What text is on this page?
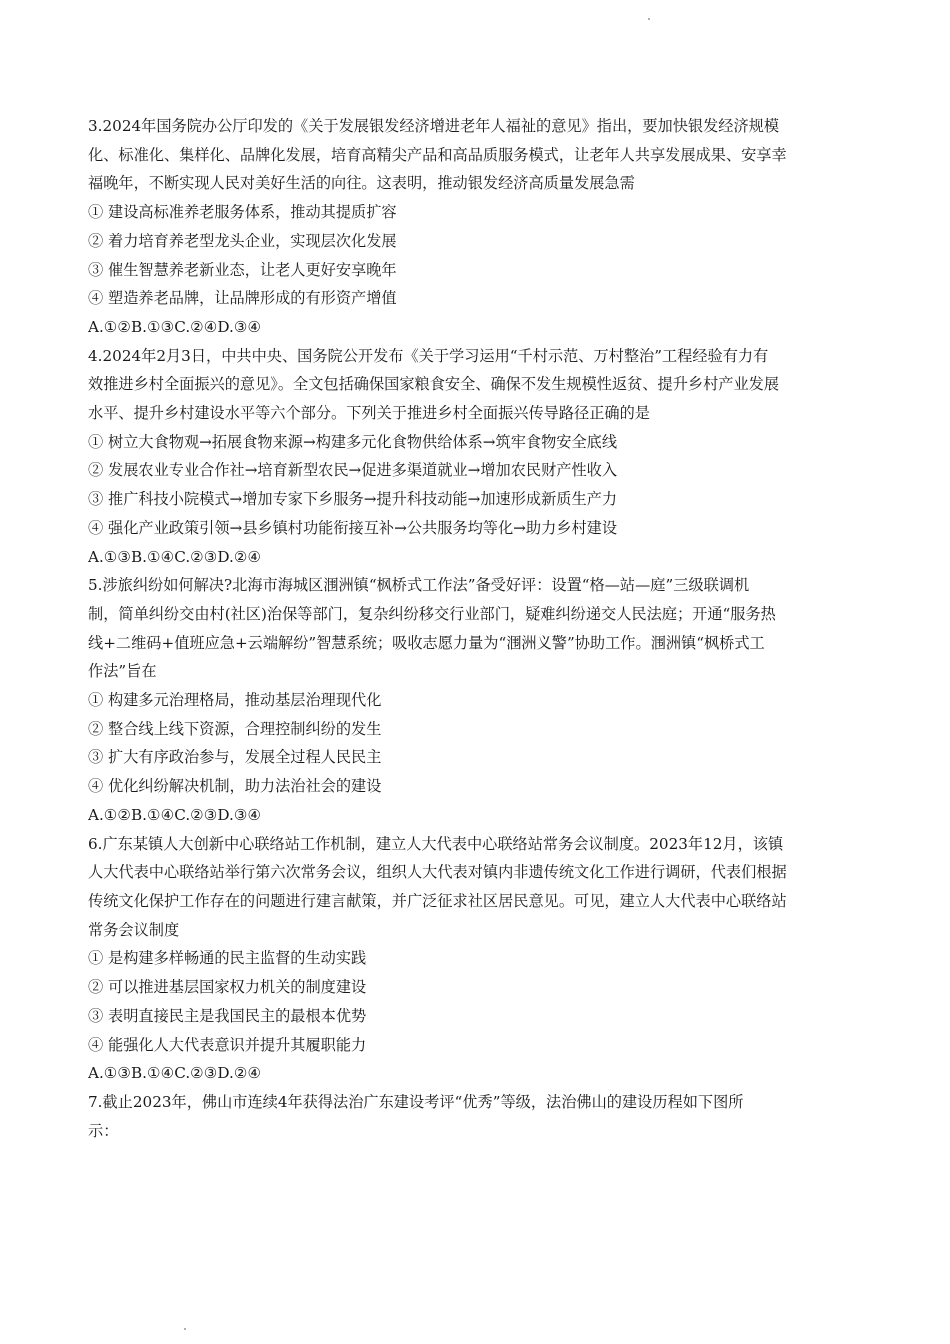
3.2024年国务院办公厅印发的《关于发展银发经济增进老年人福祉的意见》指出，要加快银发经济规模
化、标准化、集样化、品牌化发展，培育高精尖产品和高品质服务模式，让老年人共享发展成果、安享幸
福晚年，不断实现人民对美好生活的向往。这表明，推动银发经济高质量发展急需
① 建设高标准养老服务体系，推动其提质扩容
② 着力培育养老型龙头企业，实现层次化发展
③ 催生智慧养老新业态，让老人更好安享晚年
④ 塑造养老品牌，让品牌形成的有形资产增值
A.①②B.①③C.②④D.③④
4.2024年2月3日，中共中央、国务院公开发布《关于学习运用“千村示范、万村整治”工程经验有力有
效推进乡村全面振兴的意见》。全文包括确保国家粮食安全、确保不发生规模性返贫、提升乡村产业发展
水平、提升乡村建设水平等六个部分。下列关于推进乡村全面振兴传导路径正确的是
① 树立大食物观→拓展食物来源→构建多元化食物供给体系→筑牢食物安全底线
② 发展农业专业合作社→培育新型农民→促进多渠道就业→增加农民财产性收入
③ 推广科技小院模式→增加专家下乡服务→提升科技动能→加速形成新质生产力
④ 强化产业政策引领→县乡镇村功能衔接互补→公共服务均等化→助力乡村建设
A.①③B.①④C.②③D.②④
5.涉旅纠纷如何解决?北海市海城区涠洲镇“枫桥式工作法”备受好评：设置“格—站—庭”三级联调机
制，简单纠纷交由村(社区)治保等部门，复杂纠纷移交行业部门，疑难纠纷递交人民法庭；开通“服务热
线+二维码+值班应急+云端解纷”智慧系统；吸收志愿力量为“涠洲义警”协助工作。涠洲镇“枫桥式工
作法”旨在
① 构建多元治理格局，推动基层治理现代化
② 整合线上线下资源，合理控制纠纷的发生
③ 扩大有序政治参与，发展全过程人民民主
④ 优化纠纷解决机制，助力法治社会的建设
A.①②B.①④C.②③D.③④
6.广东某镇人大创新中心联络站工作机制，建立人大代表中心联络站常务会议制度。2023年12月，该镇
人大代表中心联络站举行第六次常务会议，组织人大代表对镇内非遗传统文化工作进行调研，代表们根据
传统文化保护工作存在的问题进行建言献策，并广泛征求社区居民意见。可见，建立人大代表中心联络站
常务会议制度
① 是构建多样畅通的民主监督的生动实践
② 可以推进基层国家权力机关的制度建设
③ 表明直接民主是我国民主的最根本优势
④ 能强化人大代表意识并提升其履职能力
A.①③B.①④C.②③D.②④
7.截止2023年，佛山市连续4年获得法治广东建设考评“优秀”等级，法治佛山的建设历程如下图所
示：
